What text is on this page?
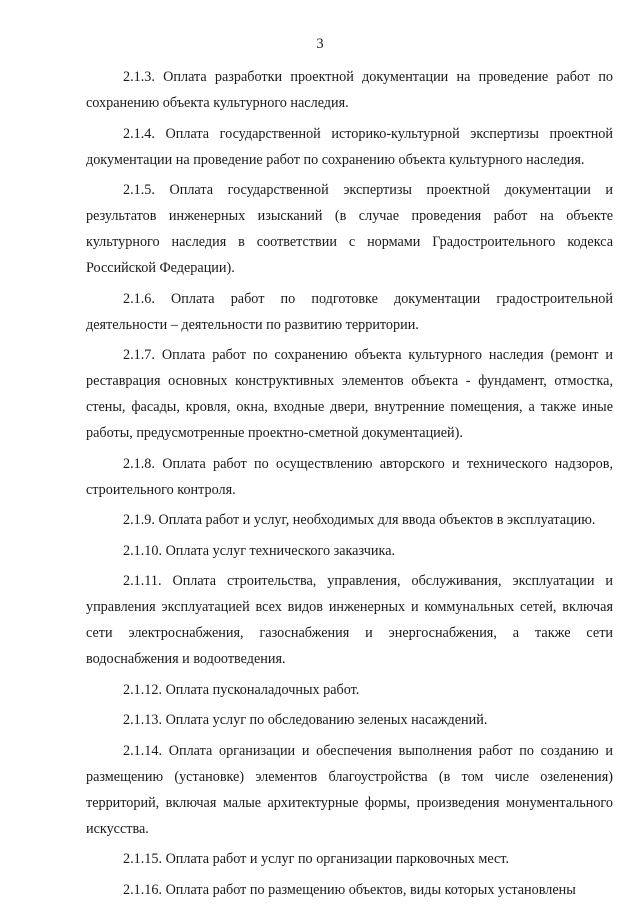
3

2.1.3. Оплата разработки проектной документации на проведение работ по сохранению объекта культурного наследия.

2.1.4. Оплата государственной историко-культурной экспертизы проектной документации на проведение работ по сохранению объекта культурного наследия.

2.1.5. Оплата государственной экспертизы проектной документации и результатов инженерных изысканий (в случае проведения работ на объекте культурного наследия в соответствии с нормами Градостроительного кодекса Российской Федерации).

2.1.6. Оплата работ по подготовке документации градостроительной деятельности – деятельности по развитию территории.

2.1.7. Оплата работ по сохранению объекта культурного наследия (ремонт и реставрация основных конструктивных элементов объекта - фундамент, отмостка, стены, фасады, кровля, окна, входные двери, внутренние помещения, а также иные работы, предусмотренные проектно-сметной документацией).

2.1.8. Оплата работ по осуществлению авторского и технического надзоров, строительного контроля.

2.1.9. Оплата работ и услуг, необходимых для ввода объектов в эксплуатацию.

2.1.10. Оплата услуг технического заказчика.

2.1.11. Оплата строительства, управления, обслуживания, эксплуатации и управления эксплуатацией всех видов инженерных и коммунальных сетей, включая сети электроснабжения, газоснабжения и энергоснабжения, а также сети водоснабжения и водоотведения.

2.1.12. Оплата пусконаладочных работ.

2.1.13. Оплата услуг по обследованию зеленых насаждений.

2.1.14. Оплата организации и обеспечения выполнения работ по созданию и размещению (установке) элементов благоустройства (в том числе озеленения) территорий, включая малые архитектурные формы, произведения монументального искусства.

2.1.15. Оплата работ и услуг по организации парковочных мест.

2.1.16. Оплата работ по размещению объектов, виды которых установлены
